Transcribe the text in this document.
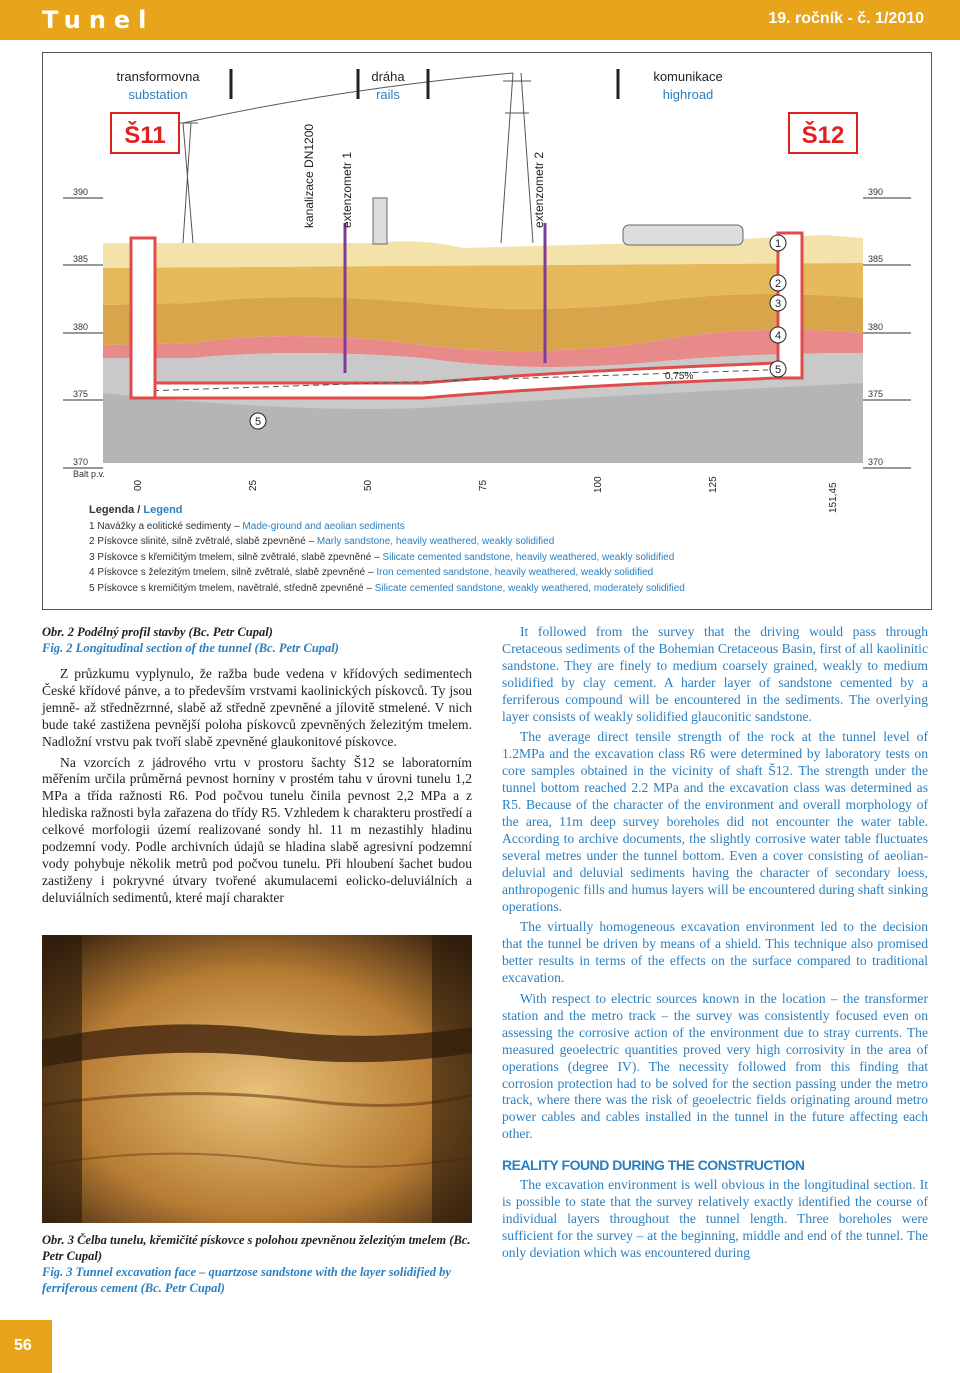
Tunel	19. ročník - č. 1/2010
390
385
380
375
370
Balt p.v.
390
385
380
375
370
transformovna
substation
dráha
rails
komunikace
highroad
Š11	Š12
kanalizace DN1200 extenzometr 1	extenzometr 2
0,75%
1
2
3
4
5
5
00	25	50	75	100	125	151,45
Legenda / Legend
1 Navážky a eolitické sedimenty – Made-ground and aeolian sediments
2 Pískovce slinité, silně zvětralé, slabě zpevněné – Marly sandstone, heavily weathered, weakly solidified
3 Pískovce s křemičitým tmelem, silně zvětralé, slabě zpevněné – Silicate cemented sandstone, heavily weathered, weakly solidified
4 Pískovce s železitým tmelem, silně zvětralé, slabě zpevněné – Iron cemented sandstone, heavily weathered, weakly solidified
5 Pískovce s kremičitým tmelem, navětralé, středně zpevněné – Silicate cemented sandstone, weakly weathered, moderately solidified
Obr. 2 Podélný profil stavby (Bc. Petr Cupal)
Fig. 2 Longitudinal section of the tunnel (Bc. Petr Cupal)

Z průzkumu vyplynulo, že ražba bude vedena v křídových sedimentech České křídové pánve, a to především vrstvami kaolinických pískovců. Ty jsou jemně- až střednězrnné, slabě až středně zpevněné a jílovitě stmelené. V nich bude také zastižena pevnější poloha pískovců zpevněných železitým tmelem. Nadložní vrstvu pak tvoří slabě zpevněné glaukonitové pískovce.

Na vzorcích z jádrového vrtu v prostoru šachty Š12 se laboratorním měřením určila průměrná pevnost horniny v prostém tahu v úrovni tunelu 1,2 MPa a třída ražnosti R6. Pod počvou tunelu činila pevnost 2,2 MPa a z hlediska ražnosti byla zařazena do třídy R5. Vzhledem k charakteru prostředí a celkové morfologii území realizované sondy hl. 11 m nezastihly hladinu podzemní vody. Podle archivních údajů se hladina slabě agresivní podzemní vody pohybuje několik metrů pod počvou tunelu. Při hloubení šachet budou zastiženy i pokryvné útvary tvořené akumulacemi eolicko-deluviálních a deluviálních sedimentů, které mají charakter

Obr. 3 Čelba tunelu, křemičité pískovce s polohou zpevněnou železitým tmelem (Bc. Petr Cupal)
Fig. 3 Tunnel excavation face – quartzose sandstone with the layer solidified by ferriferous cement (Bc. Petr Cupal)

It followed from the survey that the driving would pass through Cretaceous sediments of the Bohemian Cretaceous Basin, first of all kaolinitic sandstone. They are finely to medium coarsely grained, weakly to medium solidified by clay cement. A harder layer of sandstone cemented by a ferriferous compound will be encountered in the sediments. The overlying layer consists of weakly solidified glauconitic sandstone.

The average direct tensile strength of the rock at the tunnel level of 1.2MPa and the excavation class R6 were determined by laboratory tests on core samples obtained in the vicinity of shaft Š12. The strength under the tunnel bottom reached 2.2 MPa and the excavation class was determined as R5. Because of the character of the environment and overall morphology of the area, 11m deep survey boreholes did not encounter the water table. According to archive documents, the slightly corrosive water table fluctuates several metres under the tunnel bottom. Even a cover consisting of aeolian-deluvial and deluvial sediments having the character of secondary loess, anthropogenic fills and humus layers will be encountered during shaft sinking operations.

The virtually homogeneous excavation environment led to the decision that the tunnel be driven by means of a shield. This technique also promised better results in terms of the effects on the surface compared to traditional excavation.

With respect to electric sources known in the location – the transformer station and the metro track – the survey was consistently focused even on assessing the corrosive action of the environment due to stray currents. The measured geoelectric quantities proved very high corrosivity in the area of operations (degree IV). The necessity followed from this finding that corrosion protection had to be solved for the section passing under the metro track, where there was the risk of geoelectric fields originating around metro power cables and cables installed in the tunnel in the future affecting each other.

REALITY FOUND DURING THE CONSTRUCTION

The excavation environment is well obvious in the longitudinal section. It is possible to state that the survey relatively exactly identified the course of individual layers throughout the tunnel length. Three boreholes were sufficient for the survey – at the beginning, middle and end of the tunnel. The only deviation which was encountered during

56
